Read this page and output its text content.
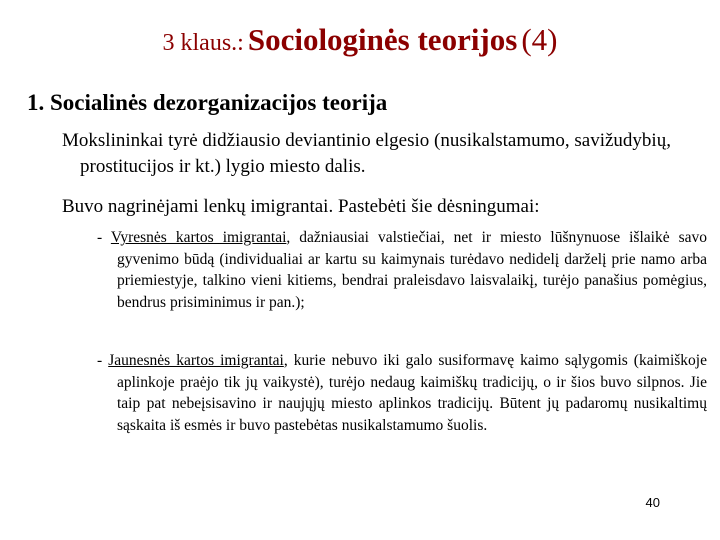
3 klaus.: Sociologinės teorijos (4)
1. Socialinės dezorganizacijos teorija

Mokslininkai tyrė didžiausio deviantinio elgesio (nusikalstamumo, savižudybių, prostitucijos ir kt.) lygio miesto dalis.

Buvo nagrinėjami lenkų imigrantai. Pastebėti šie dėsningumai:

- Vyresnės kartos imigrantai, dažniausiai valstiečiai, net ir miesto lūšnynuose išlaikė savo gyvenimo būdą (individualiai ar kartu su kaimynais turėdavo nedidelį darželį prie namo arba priemiestyje, talkino vieni kitiems, bendrai praleisdavo laisvalaikį, turėjo panašius pomėgius, bendrus prisiminimus ir pan.);

- Jaunesnės kartos imigrantai, kurie nebuvo iki galo susiformavę kaimo sąlygomis (kaimiškoje aplinkoje praėjo tik jų vaikystė), turėjo nedaug kaimiškų tradicijų, o ir šios buvo silpnos. Jie taip pat nebeįsisavino ir naujųjų miesto aplinkos tradicijų. Būtent jų padaromų nusikaltimų sąskaita iš esmės ir buvo pastebėtas nusikalstamumo šuolis.

40
